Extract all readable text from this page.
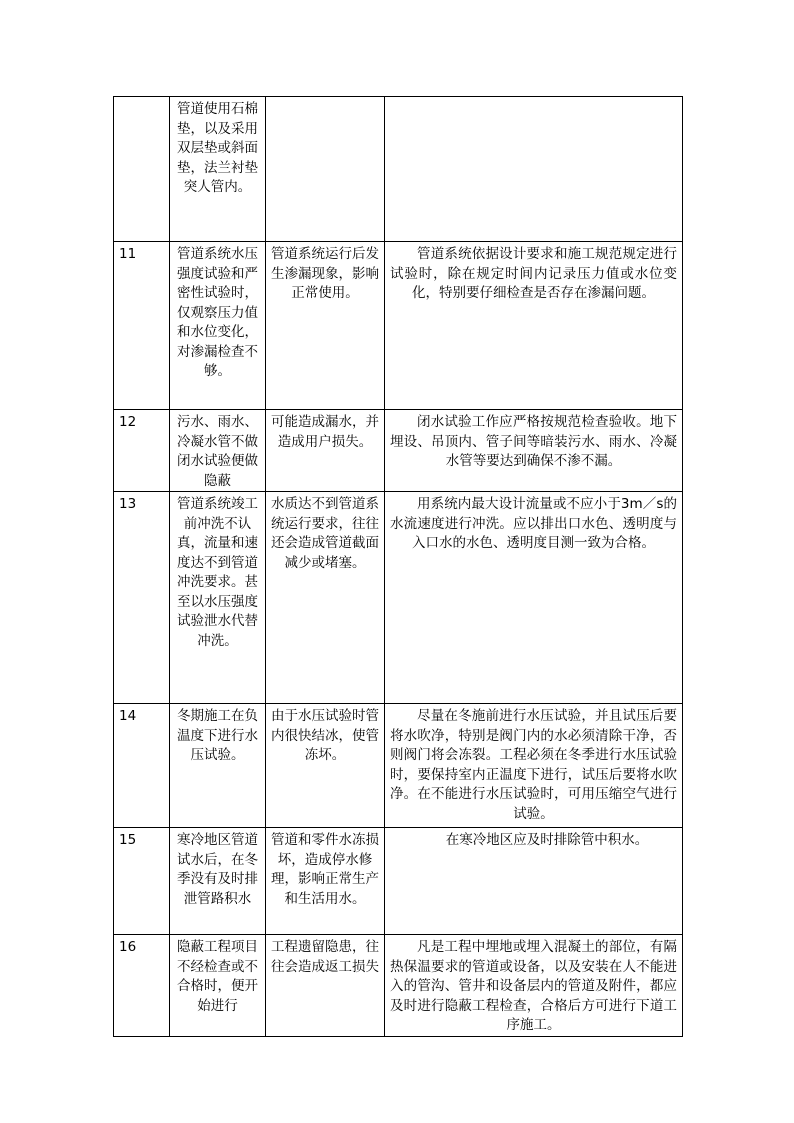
	管道使用石棉垫，以及采用双层垫或斜面垫，法兰衬垫突人管内。		

11	管道系统水压强度试验和严密性试验时，仅观察压力值和水位变化，对渗漏检查不够。	管道系统运行后发生渗漏现象，影响正常使用。	管道系统依据设计要求和施工规范规定进行试验时，除在规定时间内记录压力值或水位变化，特别要仔细检查是否存在渗漏问题。

12	污水、雨水、冷凝水管不做闭水试验便做隐蔽	可能造成漏水，并造成用户损失。	闭水试验工作应严格按规范检查验收。地下埋设、吊顶内、管子间等暗装污水、雨水、冷凝水管等要达到确保不渗不漏。

13	管道系统竣工前冲洗不认真，流量和速度达不到管道冲洗要求。甚至以水压强度试验泄水代替冲洗。	水质达不到管道系统运行要求，往往还会造成管道截面减少或堵塞。	用系统内最大设计流量或不应小于3m／s的水流速度进行冲洗。应以排出口水色、透明度与入口水的水色、透明度目测一致为合格。

14	冬期施工在负温度下进行水压试验。	由于水压试验时管内很快结冰，使管冻坏。	尽量在冬施前进行水压试验，并且试压后要将水吹净，特别是阀门内的水必须清除干净，否则阀门将会冻裂。工程必须在冬季进行水压试验时，要保持室内正温度下进行，试压后要将水吹净。在不能进行水压试验时，可用压缩空气进行试验。

15	寒冷地区管道试水后，在冬季没有及时排泄管路积水	管道和零件水冻损坏，造成停水修理，影响正常生产和生活用水。	在寒冷地区应及时排除管中积水。

16	隐蔽工程项目不经检查或不合格时，便开始进行	工程遗留隐患，往往会造成返工损失	凡是工程中埋地或埋入混凝土的部位，有隔热保温要求的管道或设备，以及安装在人不能进入的管沟、管井和设备层内的管道及附件，都应及时进行隐蔽工程检查，合格后方可进行下道工序施工。
